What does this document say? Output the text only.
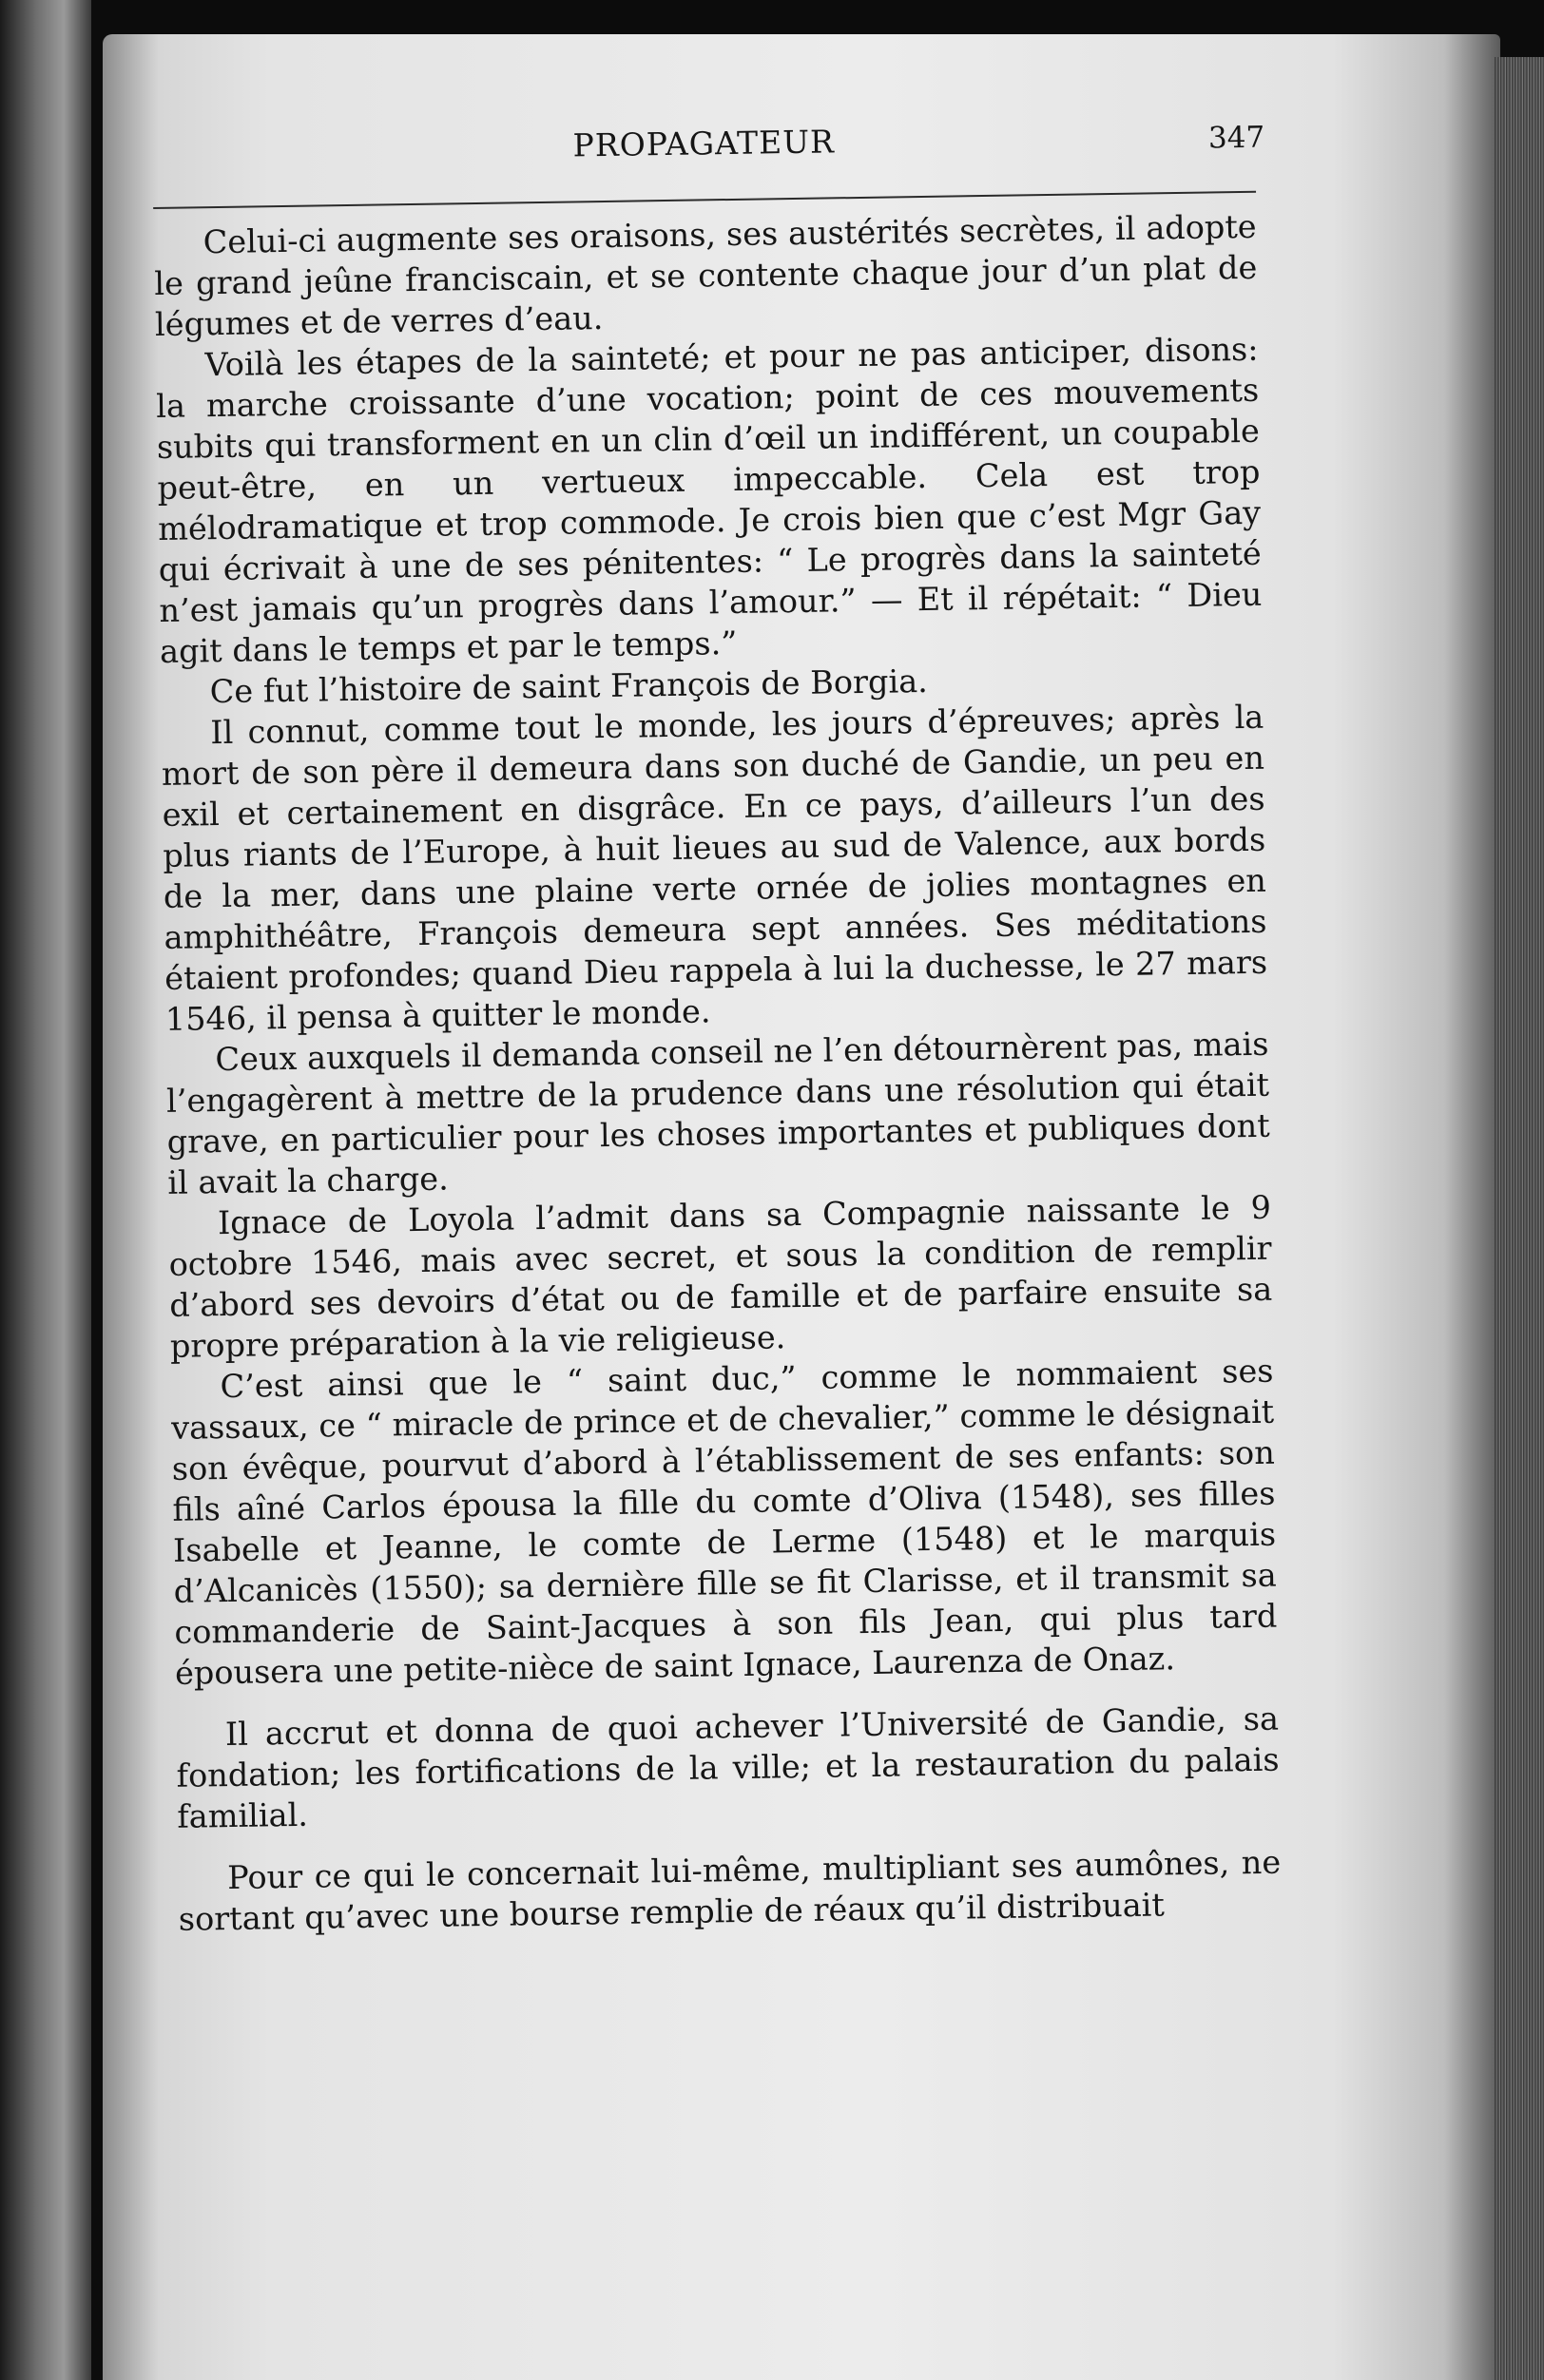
PROPAGATEUR	347

Celui-ci augmente ses oraisons, ses austérités secrètes, il adopte le grand jeûne franciscain, et se contente chaque jour d’un plat de légumes et de verres d’eau.

Voilà les étapes de la sainteté; et pour ne pas anticiper, disons: la marche croissante d’une vocation; point de ces mouvements subits qui transforment en un clin d’œil un indifférent, un coupable peut-être, en un vertueux impeccable. Cela est trop mélodramatique et trop commode. Je crois bien que c’est Mgr Gay qui écrivait à une de ses pénitentes: “ Le progrès dans la sainteté n’est jamais qu’un progrès dans l’amour.” — Et il répétait: “ Dieu agit dans le temps et par le temps.”

Ce fut l’histoire de saint François de Borgia.

Il connut, comme tout le monde, les jours d’épreuves; après la mort de son père il demeura dans son duché de Gandie, un peu en exil et certainement en disgrâce. En ce pays, d’ailleurs l’un des plus riants de l’Europe, à huit lieues au sud de Valence, aux bords de la mer, dans une plaine verte ornée de jolies montagnes en amphithéâtre, François demeura sept années. Ses méditations étaient profondes; quand Dieu rappela à lui la duchesse, le 27 mars 1546, il pensa à quitter le monde.

Ceux auxquels il demanda conseil ne l’en détournèrent pas, mais l’engagèrent à mettre de la prudence dans une résolution qui était grave, en particulier pour les choses importantes et publiques dont il avait la charge.

Ignace de Loyola l’admit dans sa Compagnie naissante le 9 octobre 1546, mais avec secret, et sous la condition de remplir d’abord ses devoirs d’état ou de famille et de parfaire ensuite sa propre préparation à la vie religieuse.

C’est ainsi que le “ saint duc,” comme le nommaient ses vassaux, ce “ miracle de prince et de chevalier,” comme le désignait son évêque, pourvut d’abord à l’établissement de ses enfants: son fils aîné Carlos épousa la fille du comte d’Oliva (1548), ses filles Isabelle et Jeanne, le comte de Lerme (1548) et le marquis d’Alcanicès (1550); sa dernière fille se fit Clarisse, et il transmit sa commanderie de Saint-Jacques à son fils Jean, qui plus tard épousera une petite-nièce de saint Ignace, Laurenza de Onaz.

Il accrut et donna de quoi achever l’Université de Gandie, sa fondation; les fortifications de la ville; et la restauration du palais familial.

Pour ce qui le concernait lui-même, multipliant ses aumônes, ne sortant qu’avec une bourse remplie de réaux qu’il distribuait
